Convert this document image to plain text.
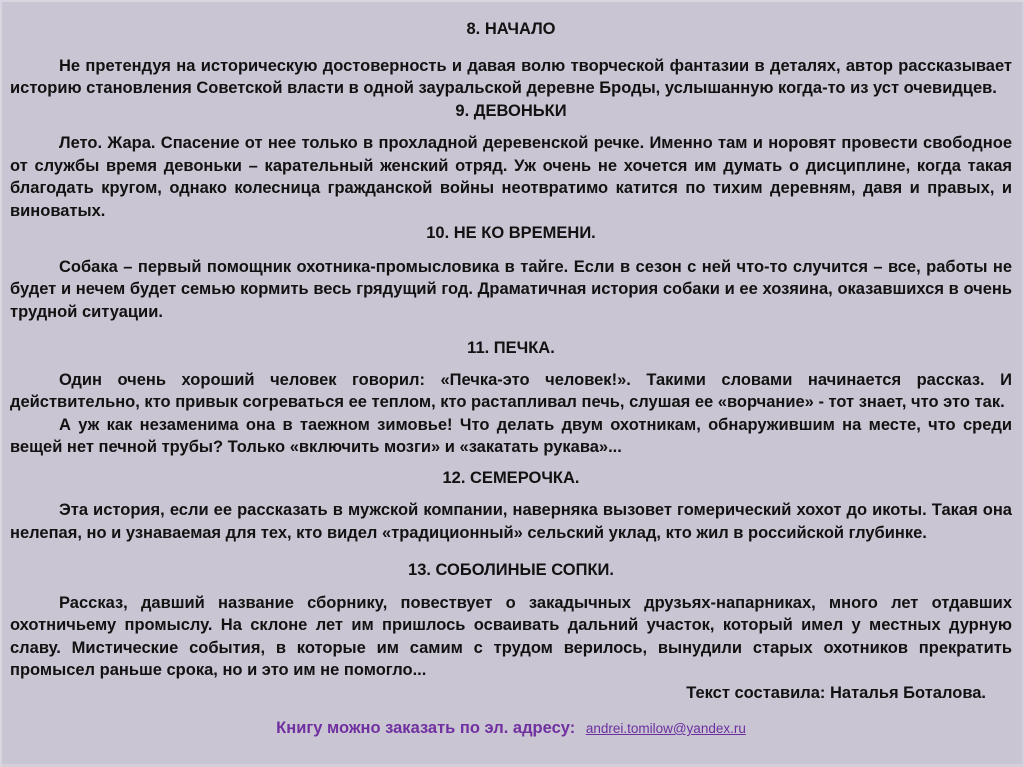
8. НАЧАЛО

Не претендуя на историческую достоверность и давая волю творческой фантазии в деталях, автор рассказывает историю становления Советской власти в одной зауральской деревне Броды, услышанную когда-то из уст очевидцев.

9. ДЕВОНЬКИ

Лето. Жара. Спасение от нее только в прохладной деревенской речке. Именно там и норовят провести свободное от службы время девоньки – карательный женский отряд. Уж очень не хочется им думать о дисциплине, когда такая благодать кругом, однако колесница гражданской войны неотвратимо катится по тихим деревням, давя и правых, и виноватых.

10. НЕ КО ВРЕМЕНИ.

Собака – первый помощник охотника-промысловика в тайге. Если в сезон с ней что-то случится – все, работы не будет и нечем будет семью кормить весь грядущий год. Драматичная история собаки и ее хозяина, оказавшихся в очень трудной ситуации.

11. ПЕЧКА.

Один очень хороший человек говорил: «Печка-это человек!». Такими словами начинается рассказ. И действительно, кто привык согреваться ее теплом, кто растапливал печь, слушая ее «ворчание» - тот знает, что это так.

А уж как незаменима она в таежном зимовье! Что делать двум охотникам, обнаружившим на месте, что среди вещей нет печной трубы? Только «включить мозги» и «закатать рукава»...

12. СЕМЕРОЧКА.

Эта история, если ее рассказать в мужской компании, наверняка вызовет гомерический хохот до икоты. Такая она нелепая, но и узнаваемая для тех, кто видел «традиционный» сельский уклад, кто жил в российской глубинке.

13. СОБОЛИНЫЕ СОПКИ.

Рассказ, давший название сборнику, повествует о закадычных друзьях-напарниках, много лет отдавших охотничьему промыслу. На склоне лет им пришлось осваивать дальний участок, который имел у местных дурную славу. Мистические события, в которые им самим с трудом верилось, вынудили старых охотников прекратить промысел раньше срока, но и это им не помогло...

Текст составила: Наталья Боталова.

Книгу можно заказать по эл. адресу: andrei.tomilow@yandex.ru
